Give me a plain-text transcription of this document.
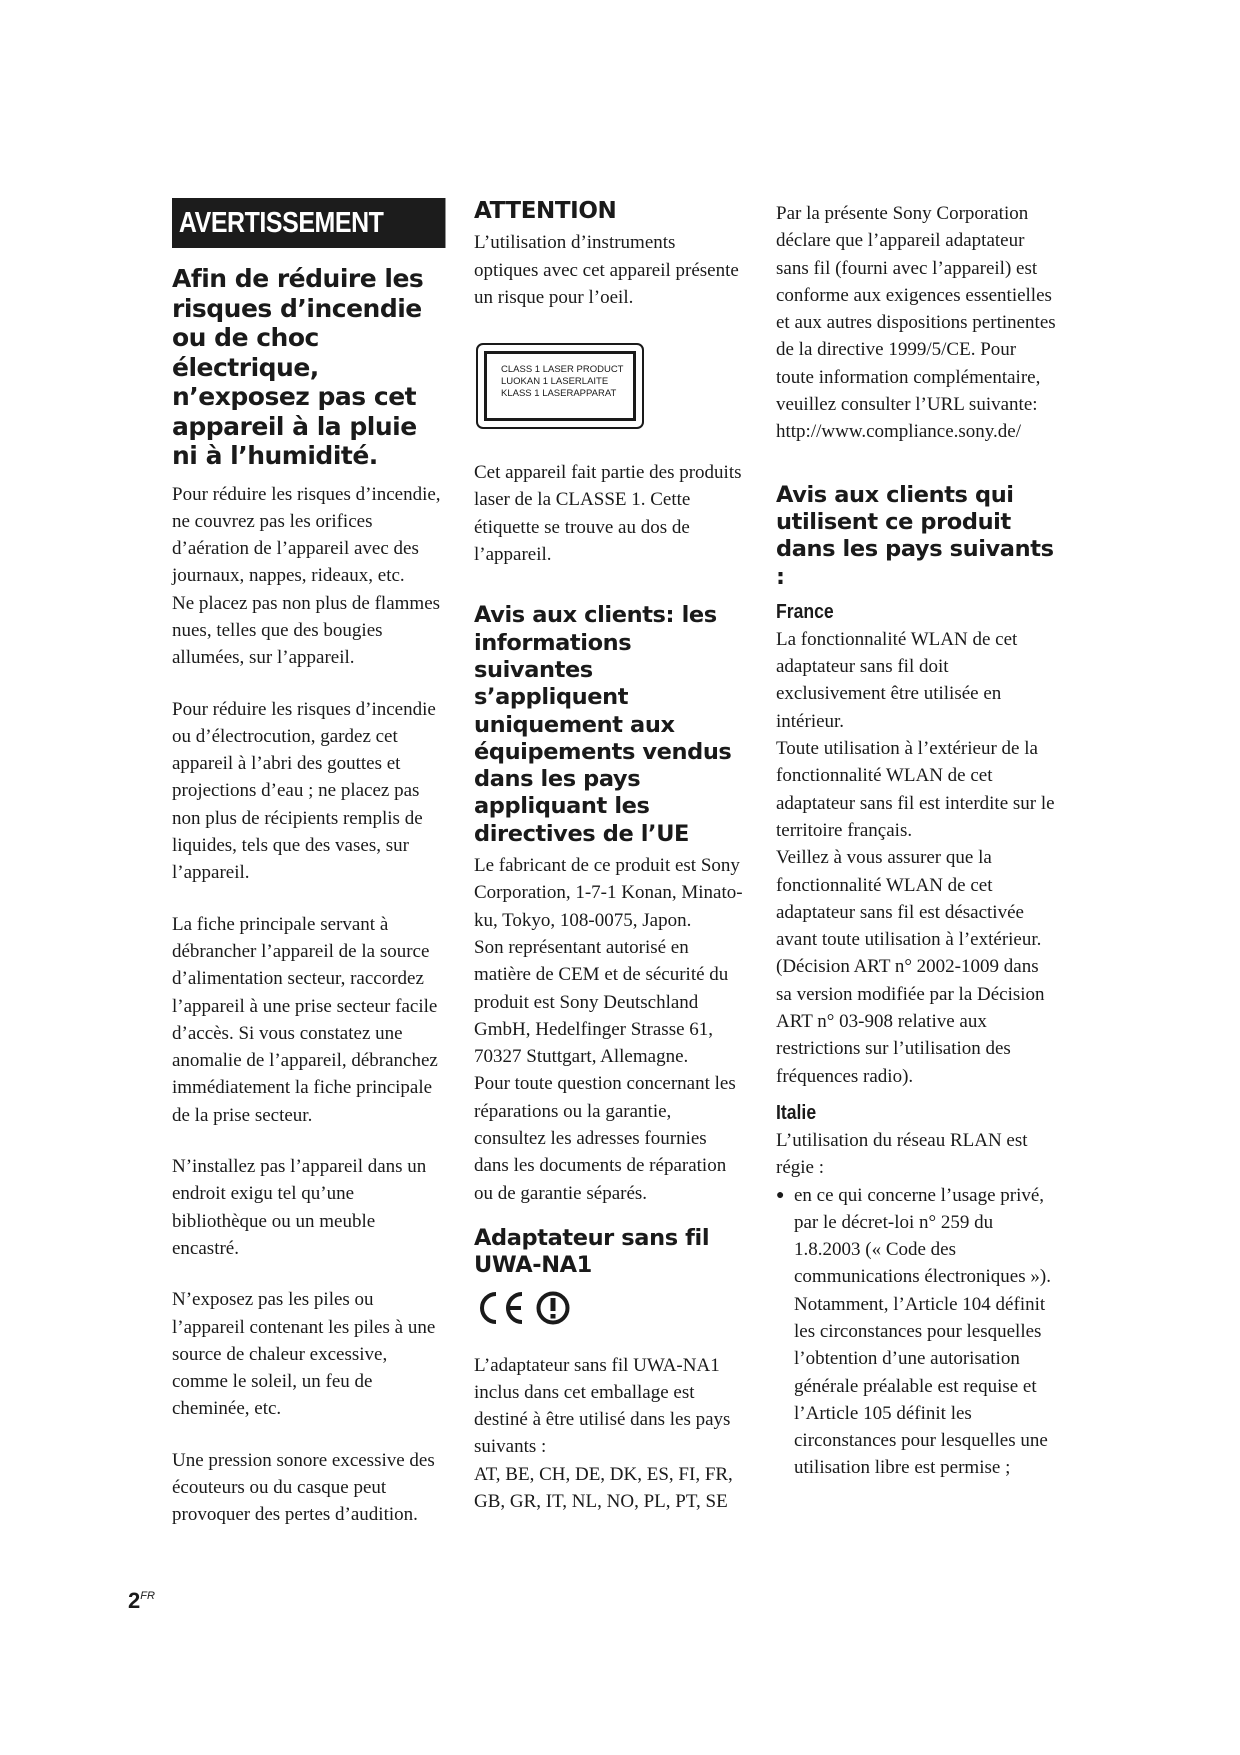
AVERTISSEMENT
Afin de réduire les risques d’incendie ou de choc électrique, n’exposez pas cet appareil à la pluie ni à l’humidité.

Pour réduire les risques d’incendie, ne couvrez pas les orifices d’aération de l’appareil avec des journaux, nappes, rideaux, etc.

Ne placez pas non plus de flammes nues, telles que des bougies allumées, sur l’appareil.

Pour réduire les risques d’incendie ou d’électrocution, gardez cet appareil à l’abri des gouttes et projections d’eau ; ne placez pas non plus de récipients remplis de liquides, tels que des vases, sur l’appareil.

La fiche principale servant à débrancher l’appareil de la source d’alimentation secteur, raccordez l’appareil à une prise secteur facile d’accès. Si vous constatez une anomalie de l’appareil, débranchez immédiatement la fiche principale de la prise secteur.

N’installez pas l’appareil dans un endroit exigu tel qu’une bibliothèque ou un meuble encastré.

N’exposez pas les piles ou l’appareil contenant les piles à une source de chaleur excessive, comme le soleil, un feu de cheminée, etc.

Une pression sonore excessive des écouteurs ou du casque peut provoquer des pertes d’audition.

ATTENTION

L’utilisation d’instruments optiques avec cet appareil présente un risque pour l’oeil.

CLASS 1 LASER PRODUCT
LUOKAN 1 LASERLAITE
KLASS 1 LASERAPPARAT

Cet appareil fait partie des produits laser de la CLASSE 1. Cette étiquette se trouve au dos de l’appareil.

Avis aux clients: les informations suivantes s’appliquent uniquement aux équipements vendus dans les pays appliquant les directives de l’UE

Le fabricant de ce produit est Sony Corporation, 1-7-1 Konan, Minato-ku, Tokyo, 108-0075, Japon.

Son représentant autorisé en matière de CEM et de sécurité du produit est Sony Deutschland GmbH, Hedelfinger Strasse 61, 70327 Stuttgart, Allemagne.

Pour toute question concernant les réparations ou la garantie, consultez les adresses fournies dans les documents de réparation ou de garantie séparés.

Adaptateur sans fil UWA-NA1

L’adaptateur sans fil UWA-NA1 inclus dans cet emballage est destiné à être utilisé dans les pays suivants :

AT, BE, CH, DE, DK, ES, FI, FR, GB, GR, IT, NL, NO, PL, PT, SE

Par la présente Sony Corporation déclare que l’appareil adaptateur sans fil (fourni avec l’appareil) est conforme aux exigences essentielles et aux autres dispositions pertinentes de la directive 1999/5/CE. Pour toute information complémentaire, veuillez consulter l’URL suivante: http://www.compliance.sony.de/

Avis aux clients qui utilisent ce produit dans les pays suivants :
France

La fonctionnalité WLAN de cet adaptateur sans fil doit exclusivement être utilisée en intérieur.

Toute utilisation à l’extérieur de la fonctionnalité WLAN de cet adaptateur sans fil est interdite sur le territoire français.

Veillez à vous assurer que la fonctionnalité WLAN de cet adaptateur sans fil est désactivée avant toute utilisation à l’extérieur. (Décision ART n° 2002-1009 dans sa version modifiée par la Décision ART n° 03-908 relative aux restrictions sur l’utilisation des fréquences radio).

Italie

L’utilisation du réseau RLAN est régie :

● en ce qui concerne l’usage privé, par le décret-loi n° 259 du 1.8.2003 (« Code des communications électroniques »). Notamment, l’Article 104 définit les circonstances pour lesquelles l’obtention d’une autorisation générale préalable est requise et l’Article 105 définit les circonstances pour lesquelles une utilisation libre est permise ;
$2^{FR}$
